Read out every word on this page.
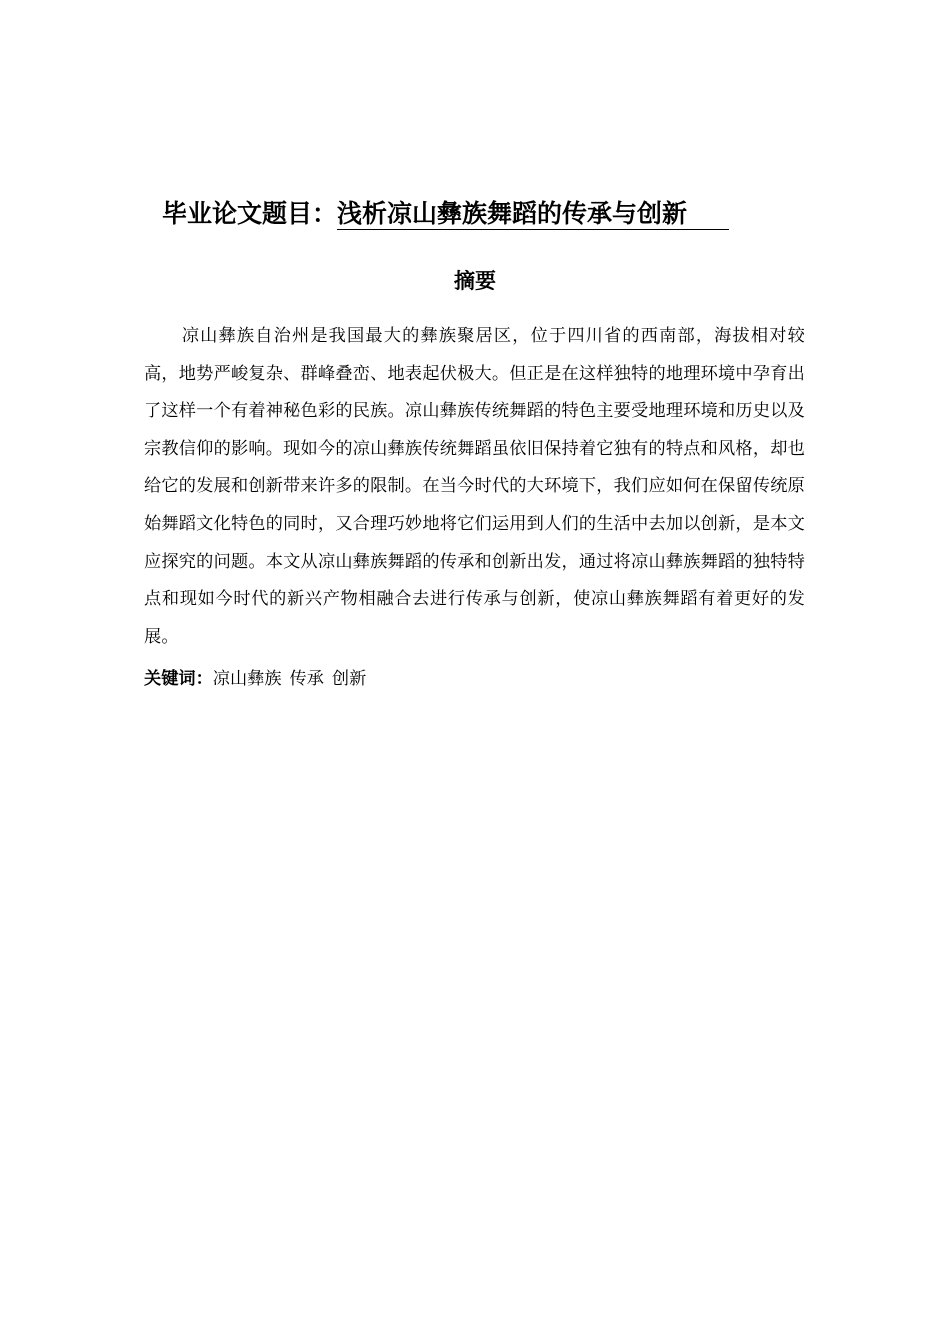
毕业论文题目：浅析凉山彝族舞蹈的传承与创新
摘要

凉山彝族自治州是我国最大的彝族聚居区，位于四川省的西南部，海拔相对较高，地势严峻复杂、群峰叠峦、地表起伏极大。但正是在这样独特的地理环境中孕育出了这样一个有着神秘色彩的民族。凉山彝族传统舞蹈的特色主要受地理环境和历史以及宗教信仰的影响。现如今的凉山彝族传统舞蹈虽依旧保持着它独有的特点和风格，却也给它的发展和创新带来许多的限制。在当今时代的大环境下，我们应如何在保留传统原始舞蹈文化特色的同时，又合理巧妙地将它们运用到人们的生活中去加以创新，是本文应探究的问题。本文从凉山彝族舞蹈的传承和创新出发，通过将凉山彝族舞蹈的独特特点和现如今时代的新兴产物相融合去进行传承与创新，使凉山彝族舞蹈有着更好的发展。

关键词：凉山彝族 传承 创新
